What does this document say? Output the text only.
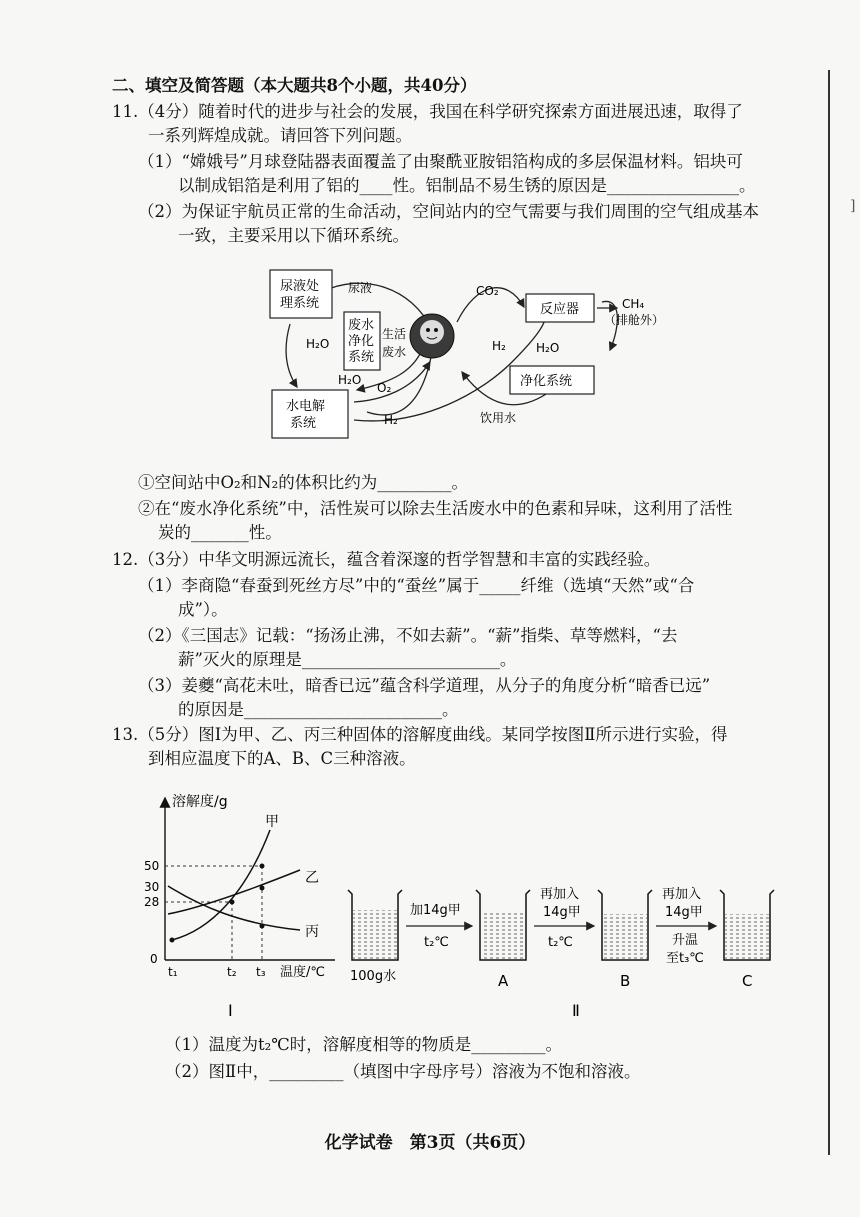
二、填空及简答题（本大题共8个小题，共40分）
11.（4分）随着时代的进步与社会的发展，我国在科学研究探索方面进展迅速，取得了
一系列辉煌成就。请回答下列问题。
（1）“嫦娥号”月球登陆器表面覆盖了由聚酰亚胺铝箔构成的多层保温材料。铝块可
以制成铝箔是利用了铝的____性。铝制品不易生锈的原因是________________。
（2）为保证宇航员正常的生命活动，空间站内的空气需要与我们周围的空气组成基本
一致，主要采用以下循环系统。
尿液处
理系统
废水
净化
系统
水电解
系统
反应器
净化系统
尿液
H₂O
生活
废水
H₂O
O₂
H₂
CO₂
CH₄
（排舱外）
H₂	H₂O
饮用水
①空间站中O₂和N₂的体积比约为_________。
②在“废水净化系统”中，活性炭可以除去生活废水中的色素和异味，这利用了活性
炭的_______性。
12.（3分）中华文明源远流长，蕴含着深邃的哲学智慧和丰富的实践经验。
（1）李商隐“春蚕到死丝方尽”中的“蚕丝”属于_____纤维（选填“天然”或“合
成”）。
（2）《三国志》记载：“扬汤止沸，不如去薪”。“薪”指柴、草等燃料，“去
薪”灭火的原理是________________________。
（3）姜夔“高花未吐，暗香已远”蕴含科学道理，从分子的角度分析“暗香已远”
的原因是________________________。
13.（5分）图Ⅰ为甲、乙、丙三种固体的溶解度曲线。某同学按图Ⅱ所示进行实验，得
到相应温度下的A、B、C三种溶液。
溶解度/g
甲
乙
丙
50
30
28
0
t₁	t₂ t₃ 温度/℃
Ⅰ
加14g甲
t₂℃
再加入
14g甲
t₂℃
再加入
14g甲
升温
至t₃℃
100g水	A	B	C
Ⅱ
（1）温度为t₂℃时，溶解度相等的物质是_________。
（2）图Ⅱ中，_________（填图中字母序号）溶液为不饱和溶液。
化学试卷　第3页（共6页）
]
